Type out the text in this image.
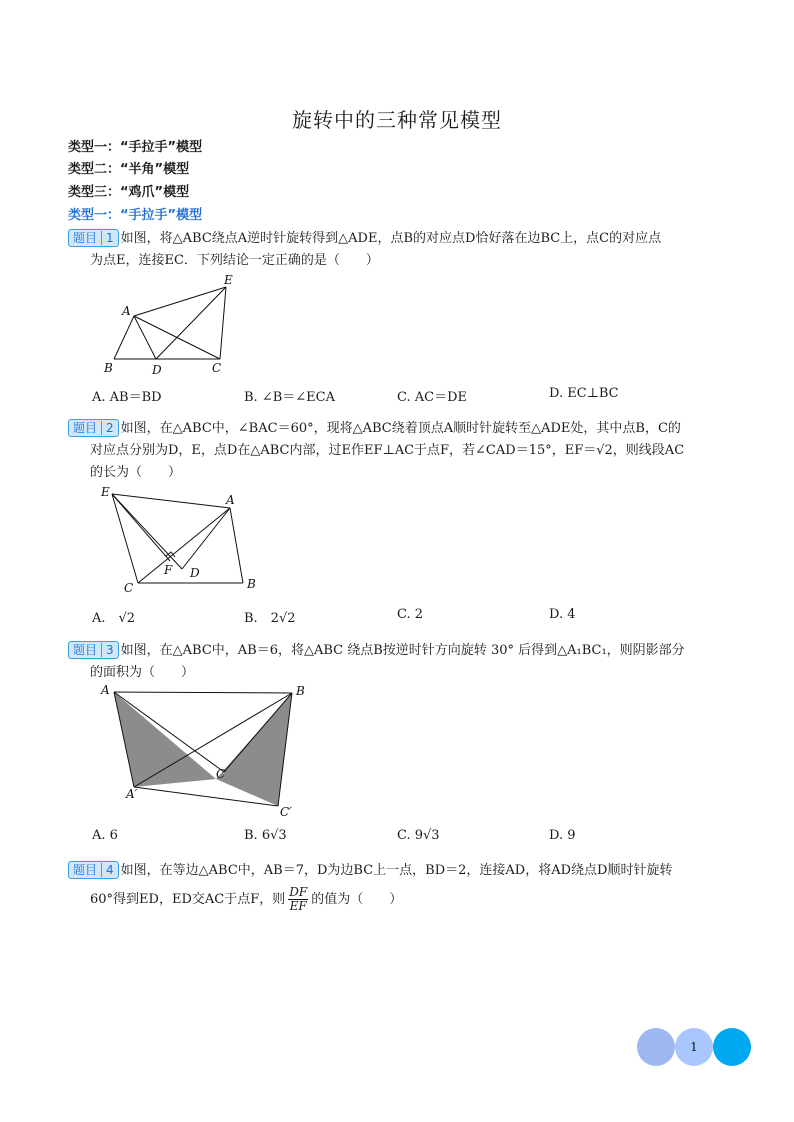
旋转中的三种常见模型
类型一：“手拉手”模型
类型二：“半角”模型
类型三：“鸡爪”模型
类型一：“手拉手”模型
题目 1 如图，将△ABC绕点A逆时针旋转得到△ADE，点B的对应点D恰好落在边BC上，点C的对应点
为点E，连接EC．下列结论一定正确的是（　　）
A
B	D	C
E
A. AB＝BD	B. ∠B＝∠ECA	C. AC＝DE	D. EC⊥BC
题目 2 如图，在△ABC中，∠BAC＝60°，现将△ABC绕着顶点A顺时针旋转至△ADE处，其中点B，C的
对应点分别为D，E，点D在△ABC内部，过E作EF⊥AC于点F，若∠CAD＝15°，EF＝√2，则线段AC
的长为（　　）
E
A
F D
C	B
A.　√2	B.　2√2	C. 2	D. 4
题目 3 如图，在△ABC中，AB＝6，将△ABC 绕点B按逆时针方向旋转 30° 后得到△A₁BC₁，则阴影部分
的面积为（　　）
A	B
C
A′
C′
A. 6	B. 6√3	C. 9√3	D. 9
题目 4 如图，在等边△ABC中，AB＝7，D为边BC上一点，BD＝2，连接AD，将AD绕点D顺时针旋转
60°得到ED，ED交AC于点F，则 $\frac{DF}{EF}$ 的值为（　　）
1
